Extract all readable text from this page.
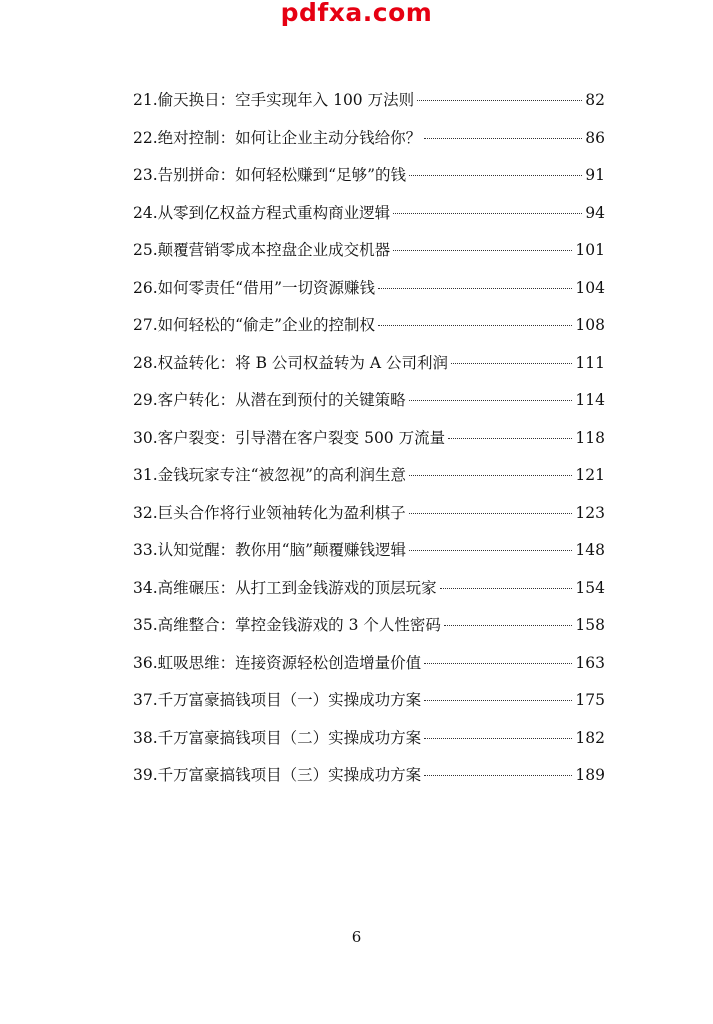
pdfxa.com
21.偷天换日：空手实现年入 100 万法则	82
22.绝对控制：如何让企业主动分钱给你？	86
23.告别拼命：如何轻松赚到“足够”的钱	91
24.从零到亿权益方程式重构商业逻辑	94
25.颠覆营销零成本控盘企业成交机器	101
26.如何零责任“借用”一切资源赚钱	104
27.如何轻松的“偷走”企业的控制权	108
28.权益转化：将 B 公司权益转为 A 公司利润	111
29.客户转化：从潜在到预付的关键策略	114
30.客户裂变：引导潜在客户裂变 500 万流量	118
31.金钱玩家专注“被忽视”的高利润生意	121
32.巨头合作将行业领袖转化为盈利棋子	123
33.认知觉醒：教你用“脑”颠覆赚钱逻辑	148
34.高维碾压：从打工到金钱游戏的顶层玩家	154
35.高维整合：掌控金钱游戏的 3 个人性密码	158
36.虹吸思维：连接资源轻松创造增量价值	163
37.千万富豪搞钱项目（一）实操成功方案	175
38.千万富豪搞钱项目（二）实操成功方案	182
39.千万富豪搞钱项目（三）实操成功方案	189
6
